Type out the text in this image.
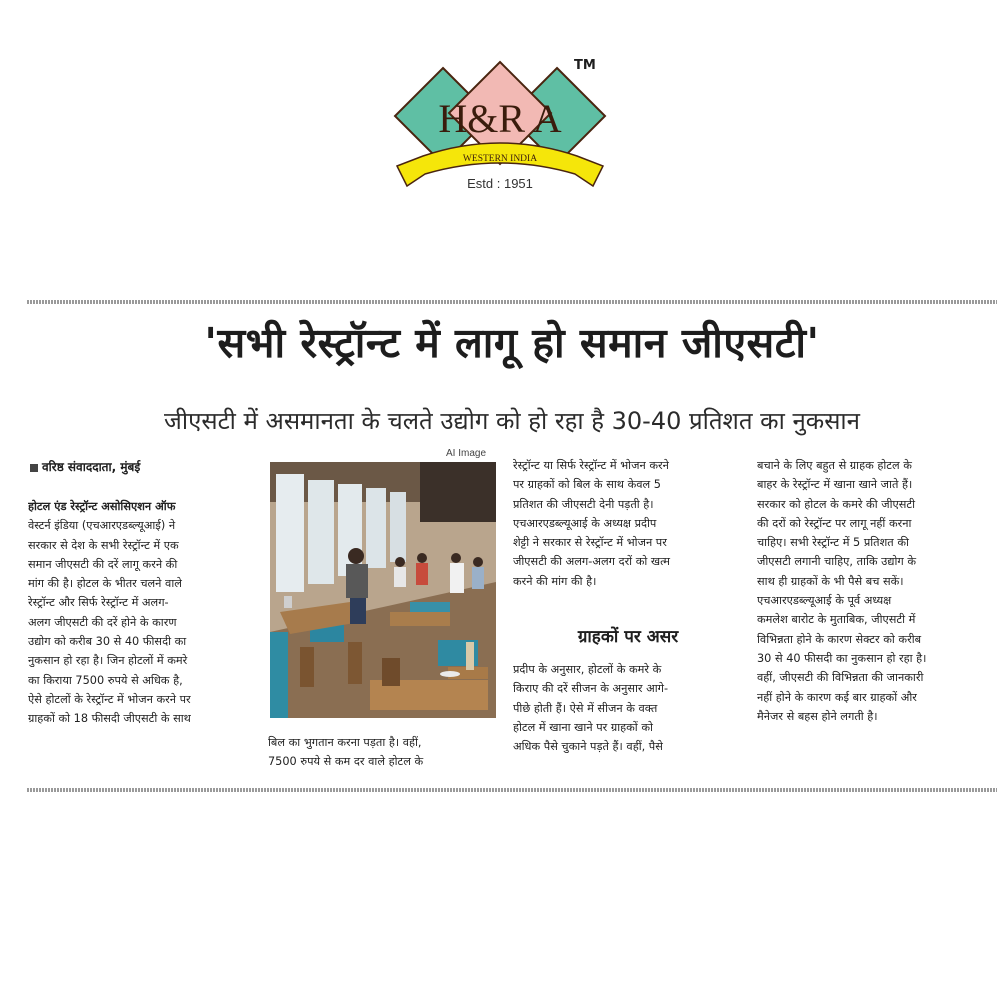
H&R A
WESTERN INDIA
Estd : 1951
TM
'सभी रेस्ट्रॉन्ट में लागू हो समान जीएसटी'
जीएसटी में असमानता के चलते उद्योग को हो रहा है 30-40 प्रतिशत का नुकसान
वरिष्ठ संवाददाता, मुंबई
होटल एंड रेस्ट्रॉन्ट असोसिएशन ऑफ
वेस्टर्न इंडिया (एचआरएडब्ल्यूआई) ने
सरकार से देश के सभी रेस्ट्रॉन्ट में एक
समान जीएसटी की दरें लागू करने की
मांग की है। होटल के भीतर चलने वाले
रेस्ट्रॉन्ट और सिर्फ रेस्ट्रॉन्ट में अलग-
अलग जीएसटी की दरें होने के कारण
उद्योग को करीब 30 से 40 फीसदी का
नुकसान हो रहा है। जिन होटलों में कमरे
का किराया 7500 रुपये से अधिक है,
ऐसे होटलों के रेस्ट्रॉन्ट में भोजन करने पर
ग्राहकों को 18 फीसदी जीएसटी के साथ
AI Image
बिल का भुगतान करना पड़ता है। वहीं,
7500 रुपये से कम दर वाले होटल के
रेस्ट्रॉन्ट या सिर्फ रेस्ट्रॉन्ट में भोजन करने
पर ग्राहकों को बिल के साथ केवल 5
प्रतिशत की जीएसटी देनी पड़ती है।
एचआरएडब्ल्यूआई के अध्यक्ष प्रदीप
शेट्टी ने सरकार से रेस्ट्रॉन्ट में भोजन पर
जीएसटी की अलग-अलग दरों को खत्म
करने की मांग की है।
ग्राहकों पर असर
प्रदीप के अनुसार, होटलों के कमरे के
किराए की दरें सीजन के अनुसार आगे-
पीछे होती हैं। ऐसे में सीजन के वक्त
होटल में खाना खाने पर ग्राहकों को
अधिक पैसे चुकाने पड़ते हैं। वहीं, पैसे
बचाने के लिए बहुत से ग्राहक होटल के
बाहर के रेस्ट्रॉन्ट में खाना खाने जाते हैं।
सरकार को होटल के कमरे की जीएसटी
की दरों को रेस्ट्रॉन्ट पर लागू नहीं करना
चाहिए। सभी रेस्ट्रॉन्ट में 5 प्रतिशत की
जीएसटी लगानी चाहिए, ताकि उद्योग के
साथ ही ग्राहकों के भी पैसे बच सकें।
एचआरएडब्ल्यूआई के पूर्व अध्यक्ष
कमलेश बारोट के मुताबिक, जीएसटी में
विभिन्नता होने के कारण सेक्टर को करीब
30 से 40 फीसदी का नुकसान हो रहा है।
वहीं, जीएसटी की विभिन्नता की जानकारी
नहीं होने के कारण कई बार ग्राहकों और
मैनेजर से बहस होने लगती है।
